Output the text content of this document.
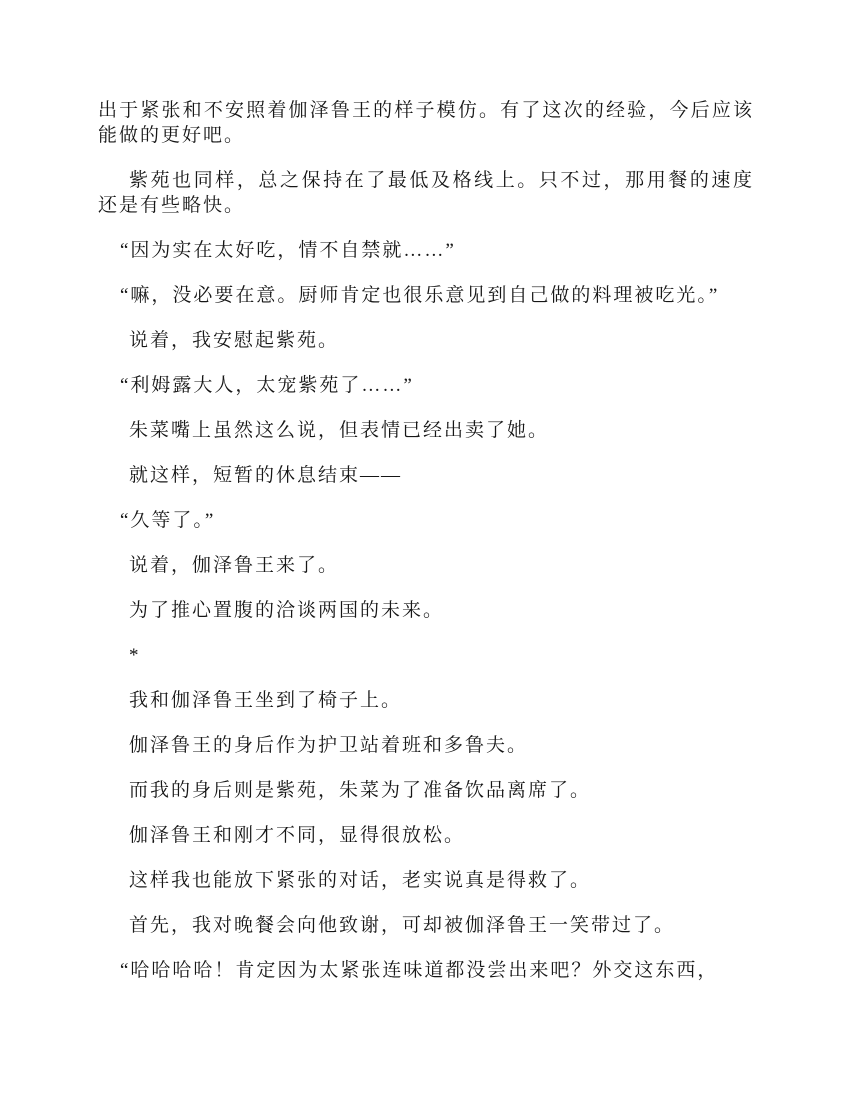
出于紧张和不安照着伽泽鲁王的样子模仿。有了这次的经验，今后应该能做的更好吧。

紫苑也同样，总之保持在了最低及格线上。只不过，那用餐的速度还是有些略快。

“因为实在太好吃，情不自禁就……”

“嘛，没必要在意。厨师肯定也很乐意见到自己做的料理被吃光。”

说着，我安慰起紫苑。

“利姆露大人，太宠紫苑了……”

朱菜嘴上虽然这么说，但表情已经出卖了她。

就这样，短暂的休息结束——

“久等了。”

说着，伽泽鲁王来了。

为了推心置腹的洽谈两国的未来。

*

我和伽泽鲁王坐到了椅子上。

伽泽鲁王的身后作为护卫站着班和多鲁夫。

而我的身后则是紫苑，朱菜为了准备饮品离席了。

伽泽鲁王和刚才不同，显得很放松。

这样我也能放下紧张的对话，老实说真是得救了。

首先，我对晚餐会向他致谢，可却被伽泽鲁王一笑带过了。

“哈哈哈哈！肯定因为太紧张连味道都没尝出来吧？外交这东西，
